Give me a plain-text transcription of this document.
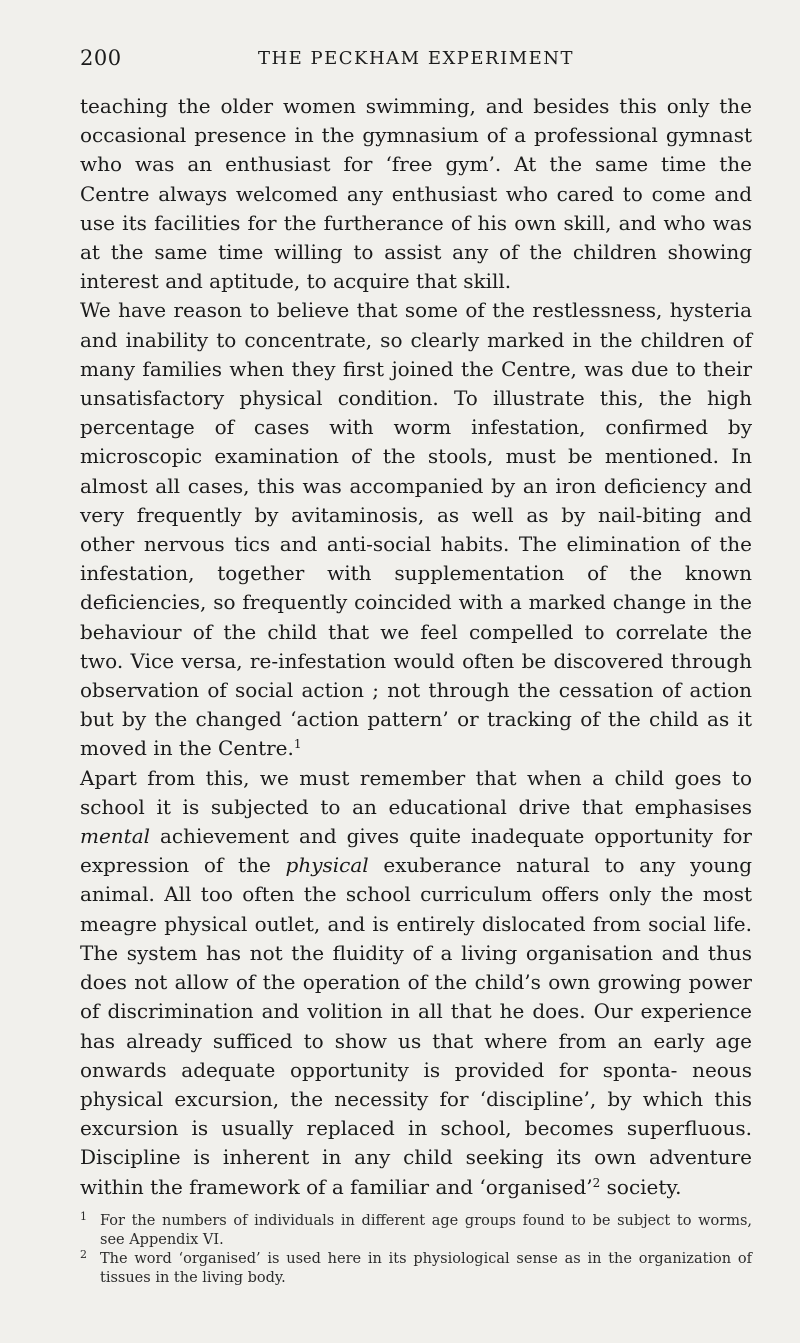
200	THE PECKHAM EXPERIMENT

teaching the older women swimming, and besides this only the occasional presence in the gymnasium of a professional gymnast who was an enthusiast for ‘free gym’. At the same time the Centre always welcomed any enthusiast who cared to come and use its facilities for the furtherance of his own skill, and who was at the same time willing to assist any of the children showing interest and aptitude, to acquire that skill.

We have reason to believe that some of the restlessness, hysteria and inability to concentrate, so clearly marked in the children of many families when they first joined the Centre, was due to their unsatisfactory physical condition. To illustrate this, the high percentage of cases with worm infestation, confirmed by microscopic examination of the stools, must be mentioned. In almost all cases, this was accompanied by an iron deficiency and very frequently by avitaminosis, as well as by nail-biting and other nervous tics and anti-social habits. The elimination of the infestation, together with supplementation of the known deficiencies, so frequently coincided with a marked change in the behaviour of the child that we feel compelled to correlate the two. Vice versa, re-infestation would often be discovered through observation of social action ; not through the cessation of action but by the changed ‘action pattern’ or tracking of the child as it moved in the Centre.$^1$

Apart from this, we must remember that when a child goes to school it is subjected to an educational drive that emphasises mental achievement and gives quite inadequate opportunity for expression of the physical exuberance natural to any young animal. All too often the school curriculum offers only the most meagre physical outlet, and is entirely dislocated from social life. The system has not the fluidity of a living organisation and thus does not allow of the operation of the child’s own growing power of discrimination and volition in all that he does. Our experience has already sufficed to show us that where from an early age onwards adequate opportunity is provided for sponta- neous physical excursion, the necessity for ‘discipline’, by which this excursion is usually replaced in school, becomes superfluous. Discipline is inherent in any child seeking its own adventure within the framework of a familiar and ‘organised’$^2$ society.

1 For the numbers of individuals in different age groups found to be subject to worms, see Appendix VI.

2 The word ‘organised’ is used here in its physiological sense as in the organization of tissues in the living body.
